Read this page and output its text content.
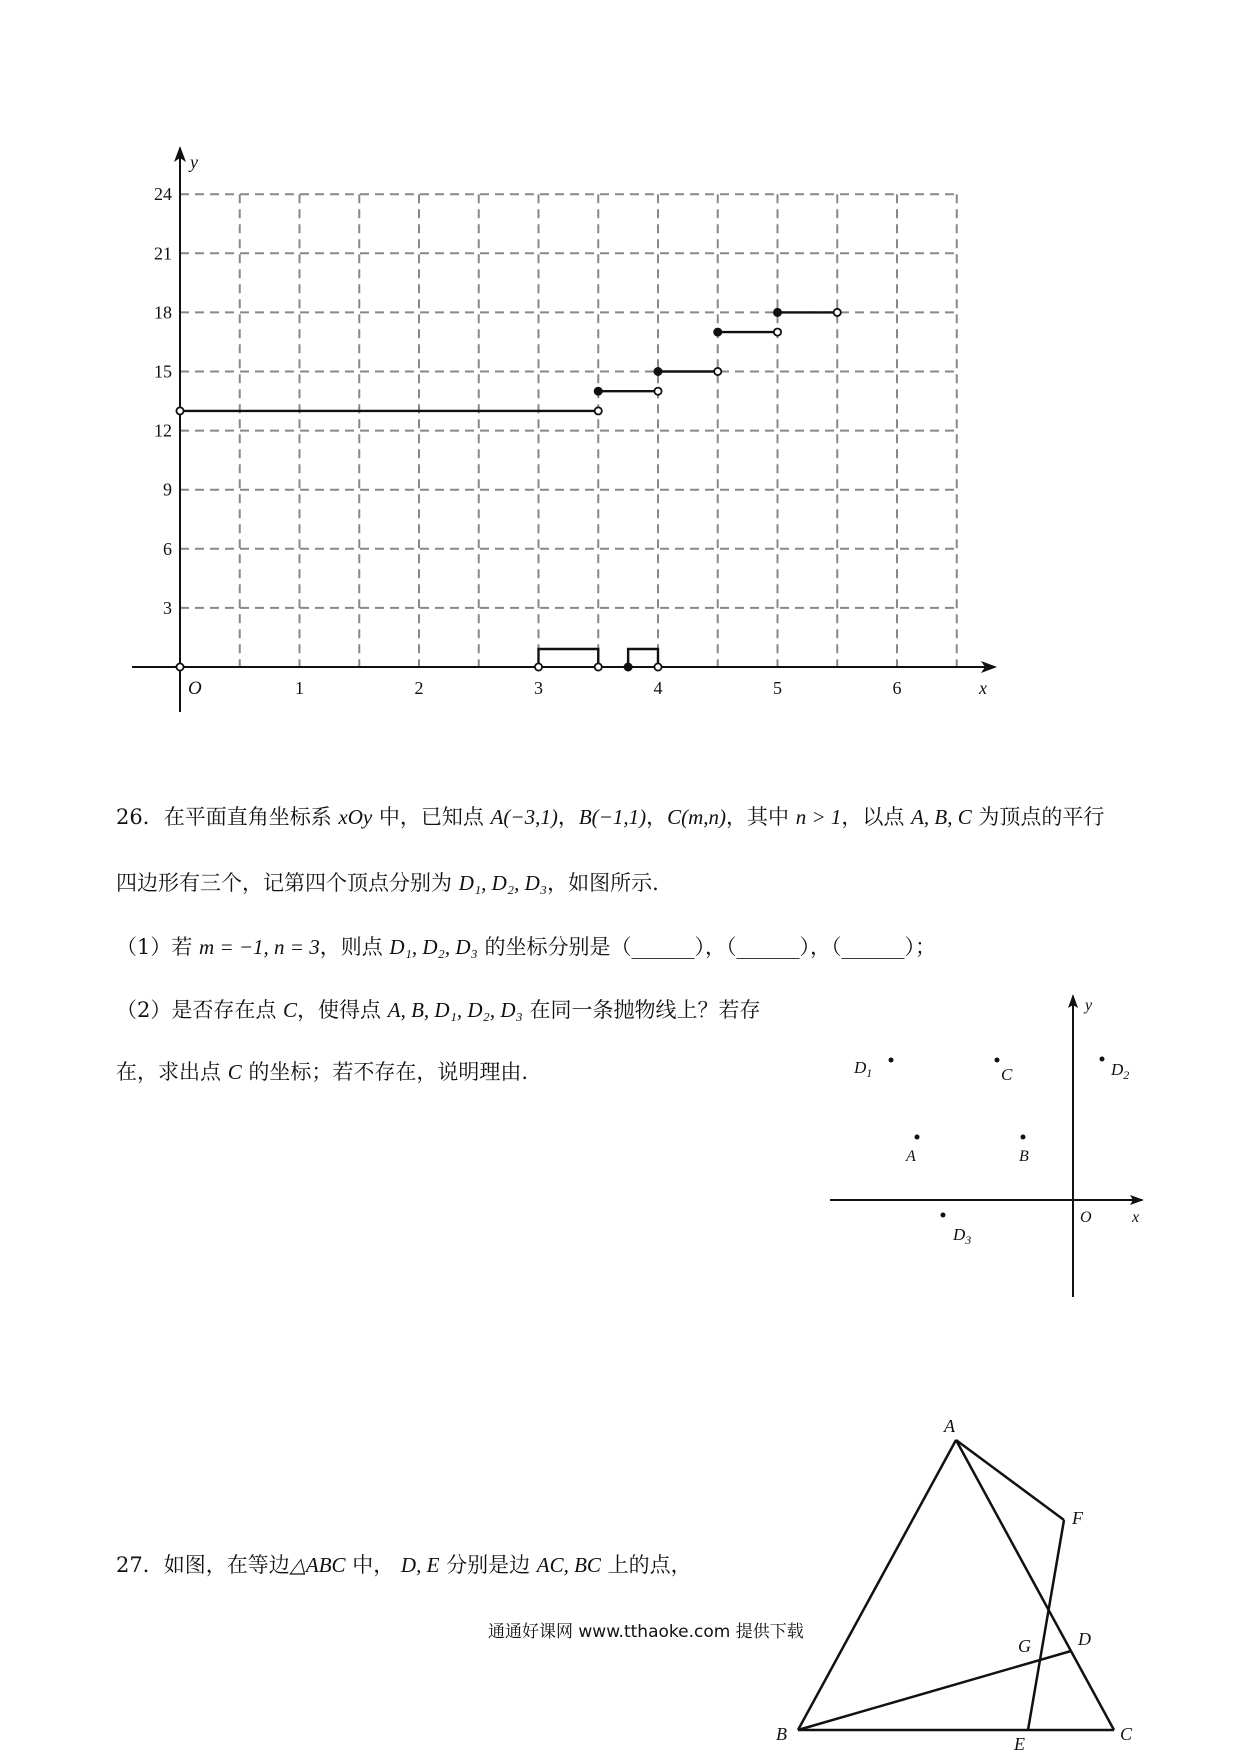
3
6
9
12
15
18
21
24
1	2	3	4	5	6
y
x
O
26．在平面直角坐标系 xOy 中，已知点 A(−3,1)，B(−1,1)，C(m,n)，其中 n > 1，以点 A, B, C 为顶点的平行
四边形有三个，记第四个顶点分别为 D₁, D₂, D₃，如图所示.
（1）若 m = −1, n = 3，则点 D₁, D₂, D₃ 的坐标分别是（______），（______），（______）；
（2）是否存在点 C，使得点 A, B, D₁, D₂, D₃ 在同一条抛物线上？若存
在，求出点 C 的坐标；若不存在，说明理由.
y
x
O
$D_1$	C	$D_2$
A	B
$D_3$
27．如图，在等边△ABC 中， D, E 分别是边 AC, BC 上的点，
A
F
G	D
B	E	C
通通好课网 www.tthaoke.com 提供下载
